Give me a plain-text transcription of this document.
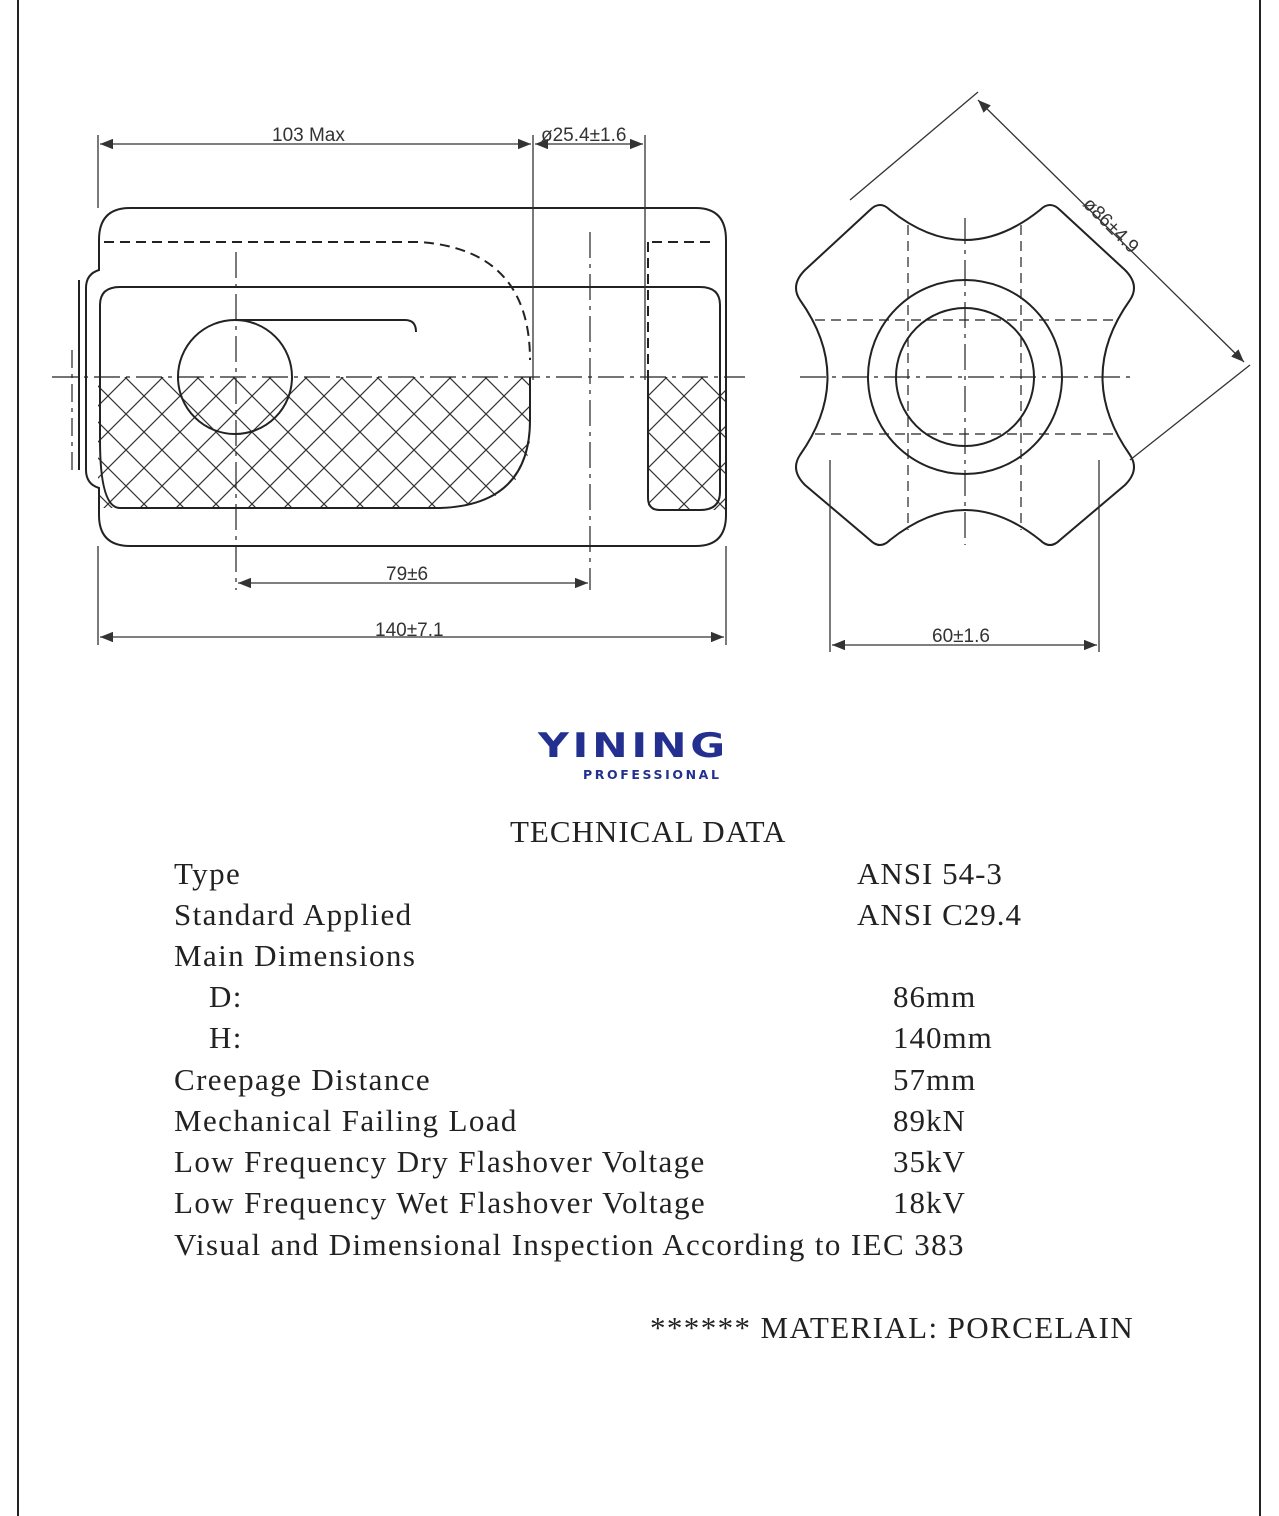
103 Max	ø25.4±1.6
79±6
140±7.1
ø86±4.9
60±1.6
YINING
PROFESSIONAL
TECHNICAL DATA
Type	ANSI 54-3
Standard Applied	ANSI C29.4
Main Dimensions
D:	86mm
H:	140mm
Creepage Distance	57mm
Mechanical Failing Load	89kN
Low Frequency Dry Flashover Voltage	35kV
Low Frequency Wet Flashover Voltage	18kV
Visual and Dimensional Inspection According to IEC 383
****** MATERIAL: PORCELAIN
